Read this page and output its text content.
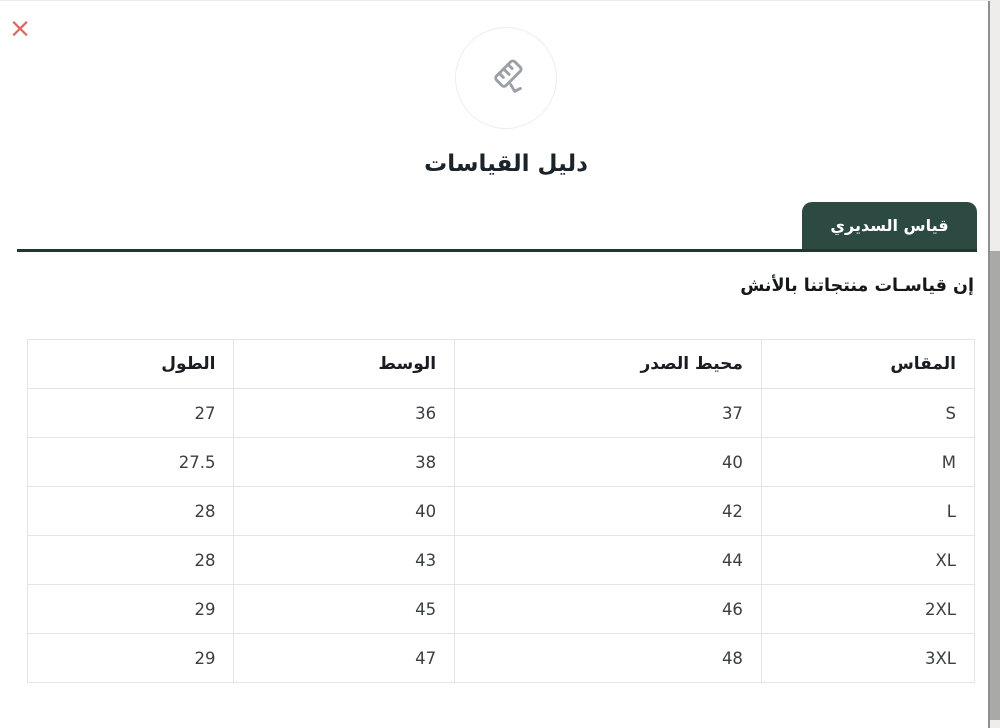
×
دليل القياسات
قياس السديري

إن قياسـات منتجاتنا بالأنش

المقاس	محيط الصدر	الوسط	الطول
S	37	36	27
M	40	38	27.5
L	42	40	28
XL	44	43	28
2XL	46	45	29
3XL	48	47	29
